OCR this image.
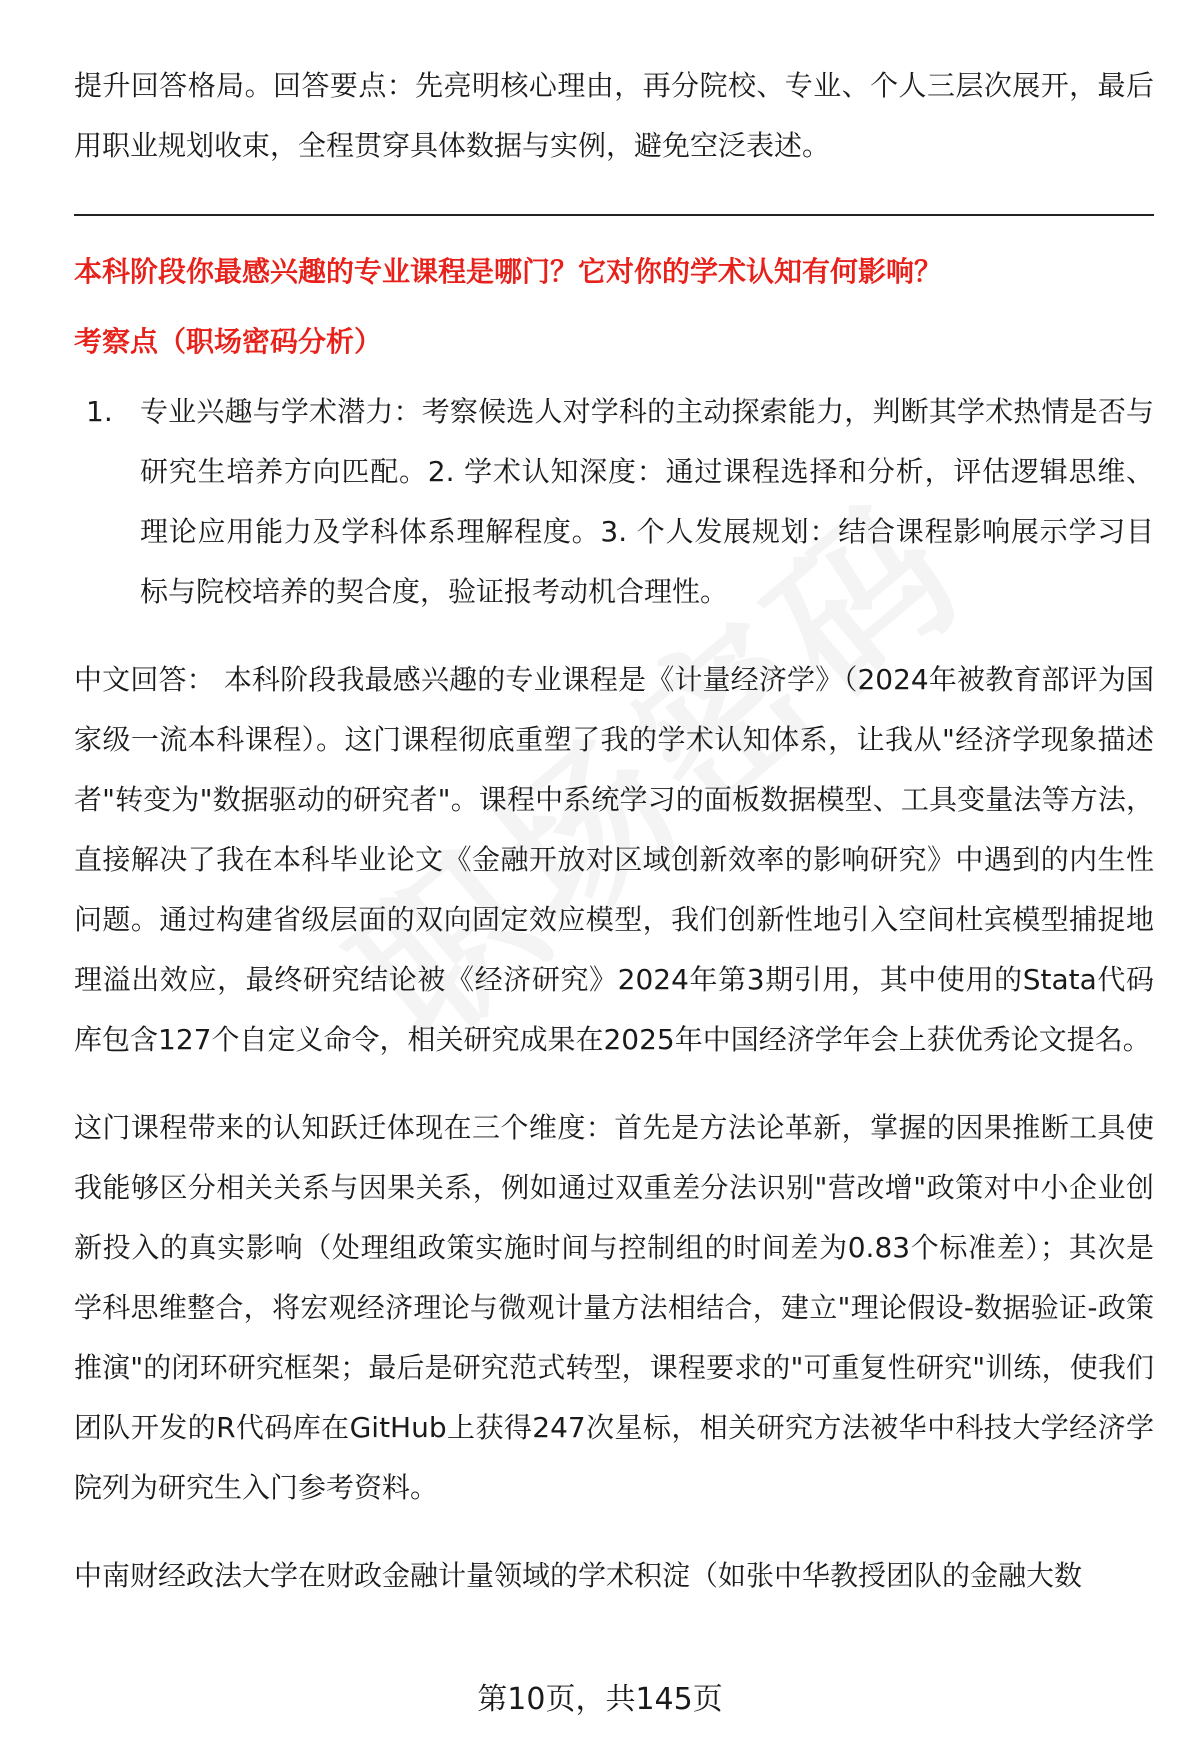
提升回答格局。回答要点：先亮明核心理由，再分院校、专业、个人三层次展开，最后用职业规划收束，全程贯穿具体数据与实例，避免空泛表述。

本科阶段你最感兴趣的专业课程是哪门？它对你的学术认知有何影响？

考察点（职场密码分析）

1. 专业兴趣与学术潜力：考察候选人对学科的主动探索能力，判断其学术热情是否与研究生培养方向匹配。2. 学术认知深度：通过课程选择和分析，评估逻辑思维、理论应用能力及学科体系理解程度。3. 个人发展规划：结合课程影响展示学习目标与院校培养的契合度，验证报考动机合理性。

中文回答： 本科阶段我最感兴趣的专业课程是《计量经济学》（2024年被教育部评为国家级一流本科课程）。这门课程彻底重塑了我的学术认知体系，让我从"经济学现象描述者"转变为"数据驱动的研究者"。课程中系统学习的面板数据模型、工具变量法等方法，直接解决了我在本科毕业论文《金融开放对区域创新效率的影响研究》中遇到的内生性问题。通过构建省级层面的双向固定效应模型，我们创新性地引入空间杜宾模型捕捉地理溢出效应，最终研究结论被《经济研究》2024年第3期引用，其中使用的Stata代码库包含127个自定义命令，相关研究成果在2025年中国经济学年会上获优秀论文提名。

这门课程带来的认知跃迁体现在三个维度：首先是方法论革新，掌握的因果推断工具使我能够区分相关关系与因果关系，例如通过双重差分法识别"营改增"政策对中小企业创新投入的真实影响（处理组政策实施时间与控制组的时间差为0.83个标准差）；其次是学科思维整合，将宏观经济理论与微观计量方法相结合，建立"理论假设-数据验证-政策推演"的闭环研究框架；最后是研究范式转型，课程要求的"可重复性研究"训练，使我们团队开发的R代码库在GitHub上获得247次星标，相关研究方法被华中科技大学经济学院列为研究生入门参考资料。

中南财经政法大学在财政金融计量领域的学术积淀（如张中华教授团队的金融大数

第10页，共145页
